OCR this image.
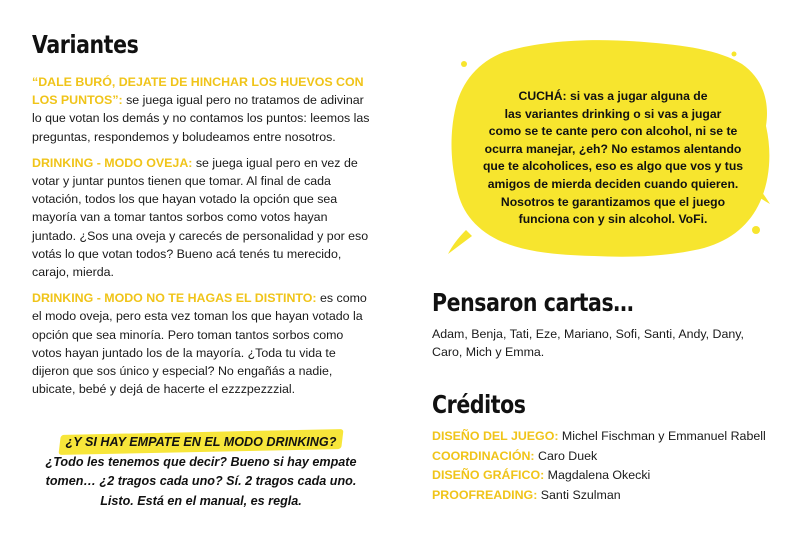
Variantes

“DALE BURÓ, DEJATE DE HINCHAR LOS HUEVOS CON LOS PUNTOS”: se juega igual pero no tratamos de adivinar lo que votan los demás y no contamos los puntos: leemos las preguntas, respondemos y boludeamos entre nosotros.

DRINKING - MODO OVEJA: se juega igual pero en vez de votar y juntar puntos tienen que tomar. Al final de cada votación, todos los que hayan votado la opción que sea mayoría van a tomar tantos sorbos como votos hayan juntado. ¿Sos una oveja y carecés de personalidad y por eso votás lo que votan todos? Bueno acá tenés tu merecido, carajo, mierda.

DRINKING - MODO NO TE HAGAS EL DISTINTO: es como el modo oveja, pero esta vez toman los que hayan votado la opción que sea minoría. Pero toman tantos sorbos como votos hayan juntado los de la mayoría. ¿Toda tu vida te dijeron que sos único y especial? No engañás a nadie, ubicate, bebé y dejá de hacerte el ezzzpezzzial.

¿Y SI HAY EMPATE EN EL MODO DRINKING?
¿Todo les tenemos que decir? Bueno si hay empate
tomen… ¿2 tragos cada uno? Sí. 2 tragos cada uno.
Listo. Está en el manual, es regla.
CUCHÁ: si vas a jugar alguna de
las variantes drinking o si vas a jugar
como se te cante pero con alcohol, ni se te
ocurra manejar, ¿eh? No estamos alentando
que te alcoholices, eso es algo que vos y tus
amigos de mierda deciden cuando quieren.
Nosotros te garantizamos que el juego
funciona con y sin alcohol. VoFi.
Pensaron cartas…

Adam, Benja, Tati, Eze, Mariano, Sofi, Santi, Andy, Dany,

Caro, Mich y Emma.

Créditos

DISEÑO DEL JUEGO: Michel Fischman y Emmanuel Rabell

COORDINACIÓN: Caro Duek

DISEÑO GRÁFICO: Magdalena Okecki

PROOFREADING: Santi Szulman
